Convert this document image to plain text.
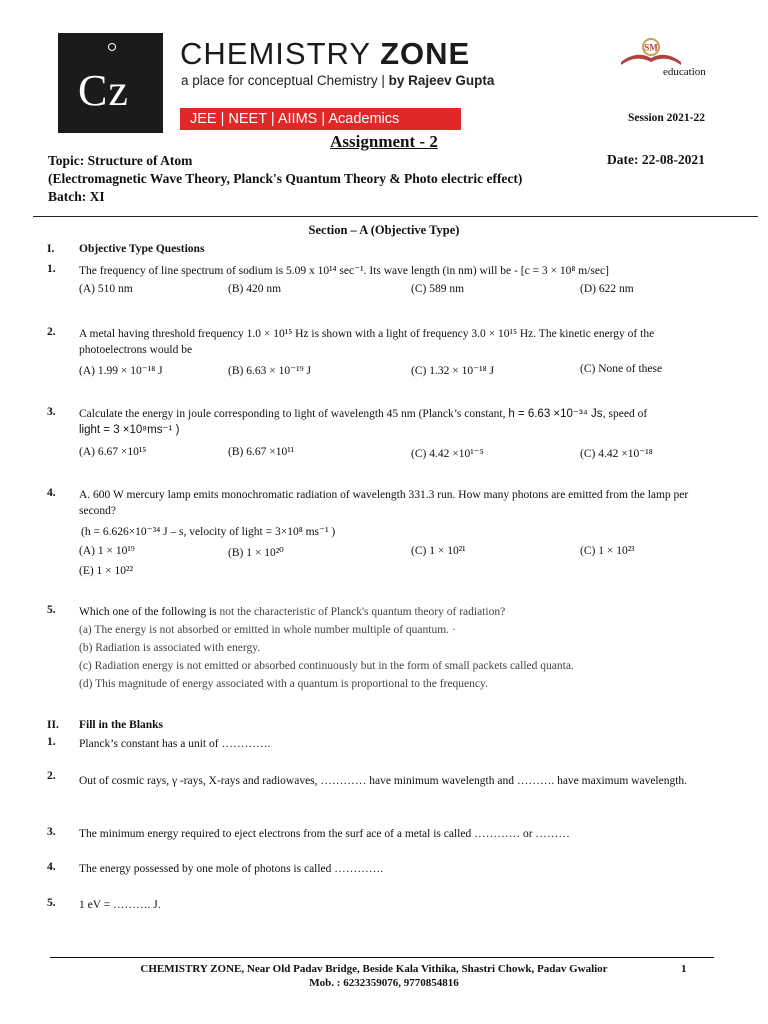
Cz
CHEMISTRY ZONE
a place for conceptual Chemistry | by Rajeev Gupta
JEE | NEET | AIIMS | Academics
SM
education
Session 2021-22
Assignment - 2
Topic: Structure of Atom
(Electromagnetic Wave Theory, Planck's Quantum Theory & Photo electric effect)
Batch: XI
Date: 22-08-2021
Section – A (Objective Type)
I. Objective Type Questions
1. The frequency of line spectrum of sodium is 5.09 x 10¹⁴ sec⁻¹. Its wave length (in nm) will be - [c = 3 × 10⁸ m/sec]
(A) 510 nm	(B) 420 nm	(C) 589 nm	(D) 622 nm
2. A metal having threshold frequency 1.0 × 10¹⁵ Hz is shown with a light of frequency 3.0 × 10¹⁵ Hz. The kinetic energy of the photoelectrons would be
(A) 1.99 × 10⁻¹⁸ J	(B) 6.63 × 10⁻¹⁹ J	(C) 1.32 × 10⁻¹⁸ J	(C) None of these
3. Calculate the energy in joule corresponding to light of wavelength 45 nm (Planck’s constant, h = 6.63 ×10⁻³⁴ Js, speed of
light = 3 ×10⁸ms⁻¹ )
(A) 6.67 ×10¹⁵	(B) 6.67 ×10¹¹	(C) 4.42 ×10¹⁻⁵	(C) 4.42 ×10⁻¹⁸
4. A. 600 W mercury lamp emits monochromatic radiation of wavelength 331.3 run. How many photons are emitted from the lamp per second?
(h = 6.626×10⁻³⁴ J – s, velocity of light = 3×10⁸ ms⁻¹ )
(A) 1 × 10¹⁹	(B) 1 × 10²⁰	(C) 1 × 10²¹	(C) 1 × 10²³
(E) 1 × 10²²
5. Which one of the following is not the characteristic of Planck's quantum theory of radiation?
(a) The energy is not absorbed or emitted in whole number multiple of quantum. ·
(b) Radiation is associated with energy.
(c) Radiation energy is not emitted or absorbed continuously but in the form of small packets called quanta.
(d) This magnitude of energy associated with a quantum is proportional to the frequency.
II. Fill in the Blanks
1. Planck’s constant has a unit of ………….
2. Out of cosmic rays, γ -rays, X-rays and radiowaves, ………… have minimum wavelength and ………. have maximum wavelength.
3. The minimum energy required to eject electrons from the surf ace of a metal is called ………… or ………
4. The energy possessed by one mole of photons is called ………….
5. 1 eV = ………. J.
CHEMISTRY ZONE, Near Old Padav Bridge, Beside Kala Vithika, Shastri Chowk, Padav Gwalior
Mob. : 6232359076, 9770854816
1
